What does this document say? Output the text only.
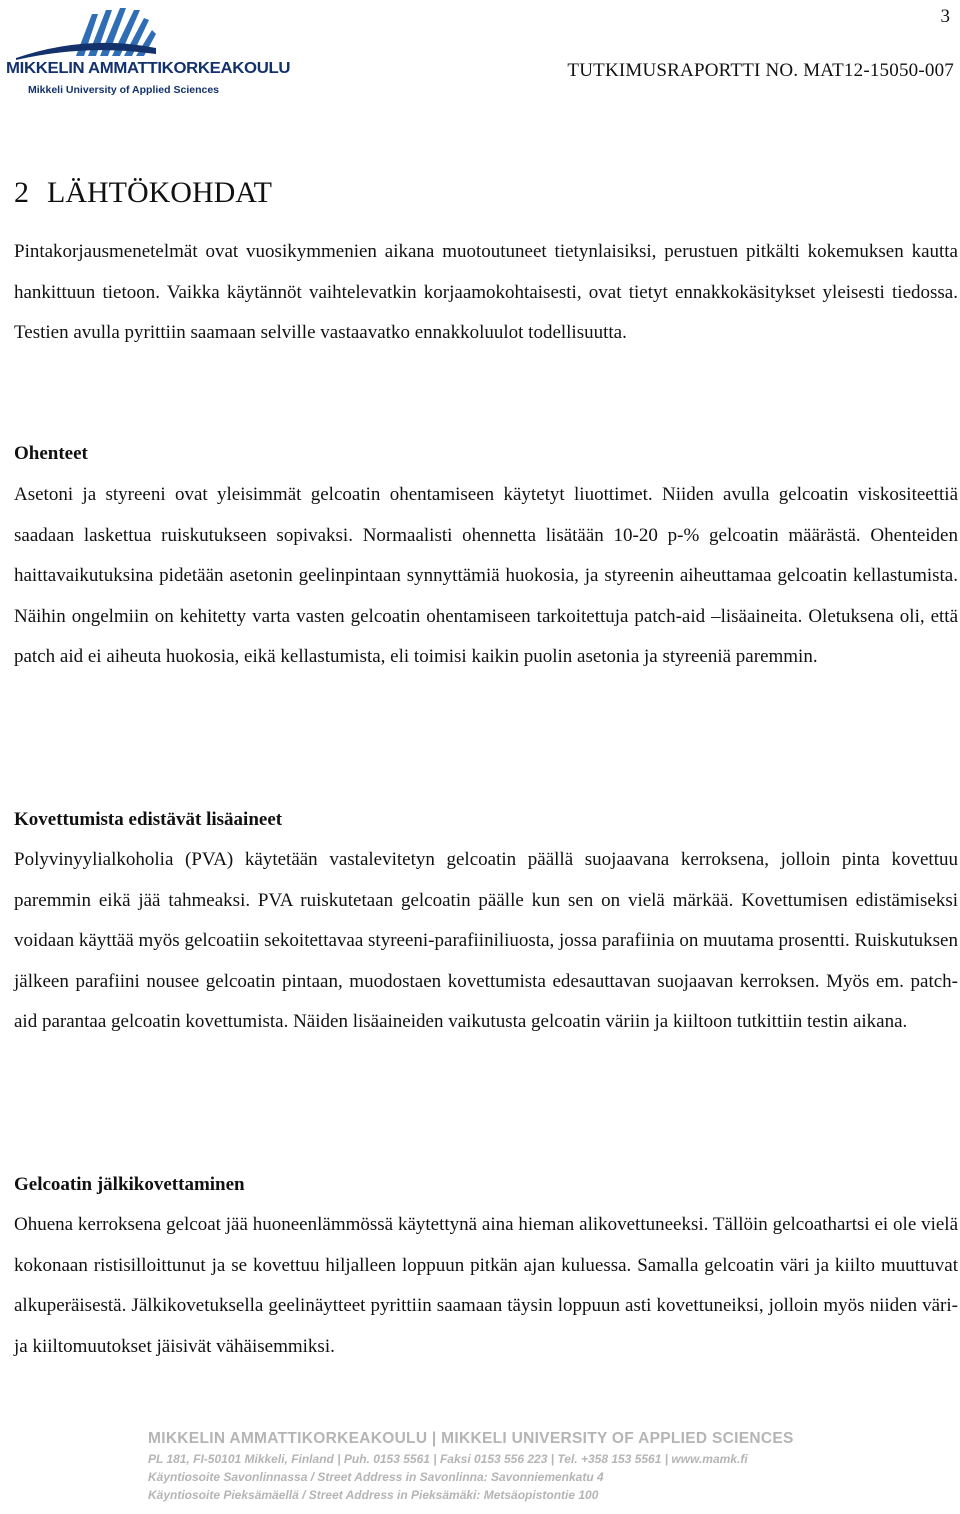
MIKKELIN AMMATTIKORKEAKOULU
Mikkeli University of Applied Sciences
3
TUTKIMUSRAPORTTI NO. MAT12-15050-007
2 LÄHTÖKOHDAT

Pintakorjausmenetelmät ovat vuosikymmenien aikana muotoutuneet tietynlaisiksi, perustuen pitkälti kokemuksen kautta hankittuun tietoon. Vaikka käytännöt vaihtelevatkin korjaamokohtaisesti, ovat tietyt ennakkokäsitykset yleisesti tiedossa. Testien avulla pyrittiin saamaan selville vastaavatko ennakkoluulot todellisuutta.

Ohenteet

Asetoni ja styreeni ovat yleisimmät gelcoatin ohentamiseen käytetyt liuottimet. Niiden avulla gelcoatin viskositeettiä saadaan laskettua ruiskutukseen sopivaksi. Normaalisti ohennetta lisätään 10-20 p-% gelcoatin määrästä. Ohenteiden haittavaikutuksina pidetään asetonin geelinpintaan synnyttämiä huokosia, ja styreenin aiheuttamaa gelcoatin kellastumista. Näihin ongelmiin on kehitetty varta vasten gelcoatin ohentamiseen tarkoitettuja patch-aid –lisäaineita. Oletuksena oli, että patch aid ei aiheuta huokosia, eikä kellastumista, eli toimisi kaikin puolin asetonia ja styreeniä paremmin.

Kovettumista edistävät lisäaineet

Polyvinyylialkoholia (PVA) käytetään vastalevitetyn gelcoatin päällä suojaavana kerroksena, jolloin pinta kovettuu paremmin eikä jää tahmeaksi. PVA ruiskutetaan gelcoatin päälle kun sen on vielä märkää. Kovettumisen edistämiseksi voidaan käyttää myös gelcoatiin sekoitettavaa styreeni-parafiiniliuosta, jossa parafiinia on muutama prosentti. Ruiskutuksen jälkeen parafiini nousee gelcoatin pintaan, muodostaen kovettumista edesauttavan suojaavan kerroksen. Myös em. patch-aid parantaa gelcoatin kovettumista. Näiden lisäaineiden vaikutusta gelcoatin väriin ja kiiltoon tutkittiin testin aikana.

Gelcoatin jälkikovettaminen

Ohuena kerroksena gelcoat jää huoneenlämmössä käytettynä aina hieman alikovettuneeksi. Tällöin gelcoathartsi ei ole vielä kokonaan ristisilloittunut ja se kovettuu hiljalleen loppuun pitkän ajan kuluessa. Samalla gelcoatin väri ja kiilto muuttuvat alkuperäisestä. Jälkikovetuksella geelinäytteet pyrittiin saamaan täysin loppuun asti kovettuneiksi, jolloin myös niiden väri- ja kiiltomuutokset jäisivät vähäisemmiksi.

MIKKELIN AMMATTIKORKEAKOULU | MIKKELI UNIVERSITY OF APPLIED SCIENCES
PL 181, FI-50101 Mikkeli, Finland | Puh. 0153 5561 | Faksi 0153 556 223 | Tel. +358 153 5561 | www.mamk.fi
Käyntiosoite Savonlinnassa / Street Address in Savonlinna: Savonniemenkatu 4
Käyntiosoite Pieksämäellä / Street Address in Pieksämäki: Metsäopistontie 100
